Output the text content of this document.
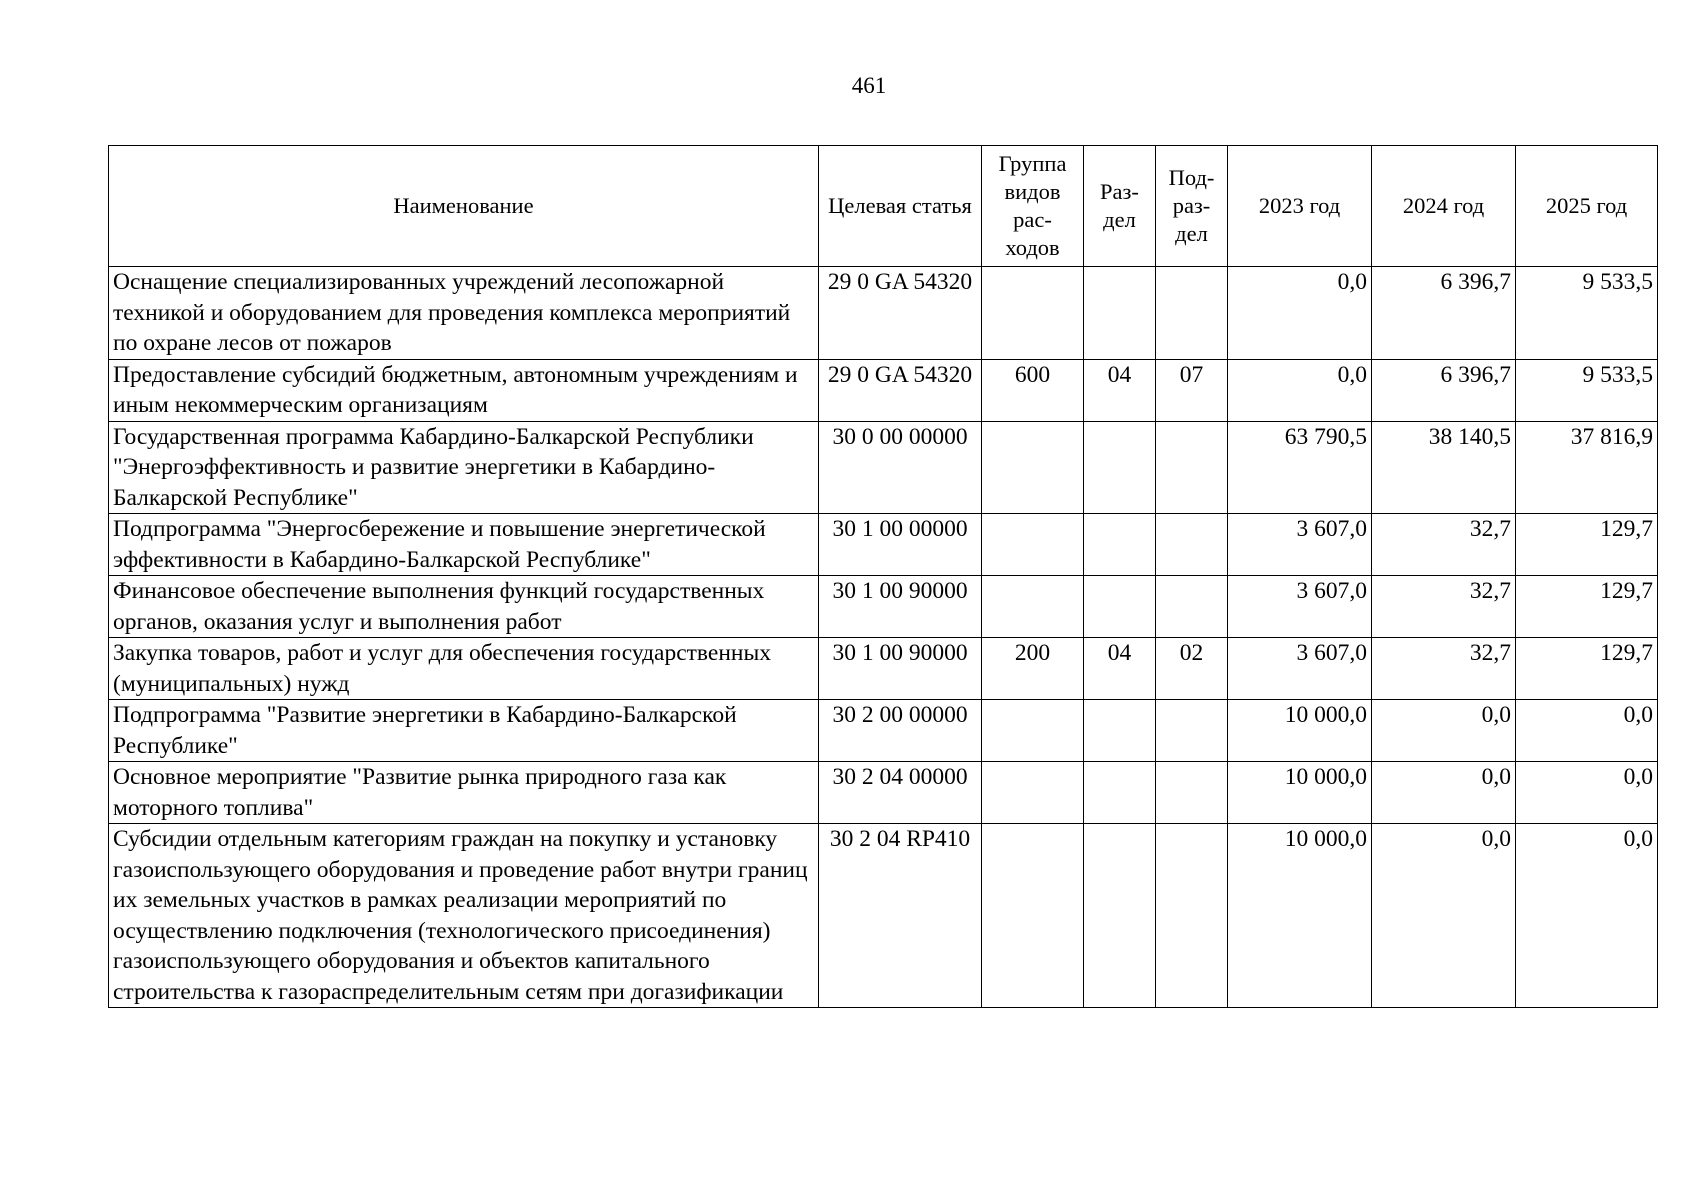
461
Наименование	Целевая статья	Группа видов рас- ходов	Раз- дел	Под- раз- дел	2023 год	2024 год	2025 год
Оснащение специализированных учреждений лесопожарной техникой и оборудованием для проведения комплекса мероприятий по охране лесов от пожаров	29 0 GA 54320				0,0	6 396,7	9 533,5
Предоставление субсидий бюджетным, автономным учреждениям и иным некоммерческим организациям	29 0 GA 54320	600	04	07	0,0	6 396,7	9 533,5
Государственная программа Кабардино-Балкарской Республики "Энергоэффективность и развитие энергетики в Кабардино-Балкарской Республике"	30 0 00 00000				63 790,5	38 140,5	37 816,9
Подпрограмма "Энергосбережение и повышение энергетической эффективности в Кабардино-Балкарской Республике"	30 1 00 00000				3 607,0	32,7	129,7
Финансовое обеспечение выполнения функций государственных органов, оказания услуг и выполнения работ	30 1 00 90000				3 607,0	32,7	129,7
Закупка товаров, работ и услуг для обеспечения государственных (муниципальных) нужд	30 1 00 90000	200	04	02	3 607,0	32,7	129,7
Подпрограмма "Развитие энергетики в Кабардино-Балкарской Республике"	30 2 00 00000				10 000,0	0,0	0,0
Основное мероприятие "Развитие рынка природного газа как моторного топлива"	30 2 04 00000				10 000,0	0,0	0,0
Субсидии отдельным категориям граждан на покупку и установку газоиспользующего оборудования и проведение работ внутри границ их земельных участков в рамках реализации мероприятий по осуществлению подключения (технологического присоединения) газоиспользующего оборудования и объектов капитального строительства к газораспределительным сетям при догазификации	30 2 04 RP410				10 000,0	0,0	0,0
